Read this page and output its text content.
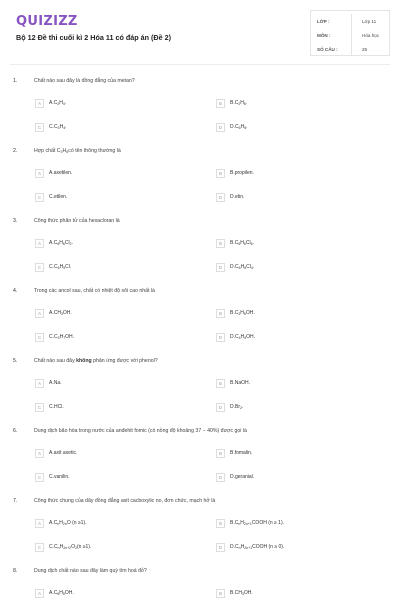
QUIZIZZ
Bộ 12 Đề thi cuối kì 2 Hóa 11 có đáp án (Đề 2)
LỚP :	Lớp 11
MÔN :	Hóa học
SỐ CÂU :	25
1.	Chất nào sau đây là đồng đẳng của metan?
A	$A.C_2H_4$.	B	$B.C_2H_6$.
C	$C.C_3H_4$.	D	$D.C_6H_6$.
2.	Hợp chất $C_3H_6có$ tên thông thường là
A	A.axetilen.	B	B.propilen.
C	C.etilen.	D	D.etin.
3.	Công thức phân tử của hexacloran là
A	$A.C_6H_6Cl_2$.	B	$B.C_6H_6Cl_6$.
C	$C.C_6H_5Cl$.	D	$D.C_6H_6Cl_4$.
4.	Trong các ancol sau, chất có nhiệt độ sôi cao nhất là
A	$A.CH_3OH$.	B	$B.C_2H_5OH$.
C	$C.C_3H_7OH$.	D	$D.C_4H_9OH$.
5.	Chất nào sau đây không phản ứng được với phenol?
A	A.Na.	B	B.NaOH.
C	C.HCl.	D	$D.Br_2$.
6.	Dung dịch bão hòa trong nước của anđehit fomic (có nồng độ khoảng 37 − 40%) được gọi là
A	A.axit axetic.	B	B.fomalin.
C	C.vanilin.	D	D.geranial.
7.	Công thức chung của dãy đồng đẳng axit cacboxylic no, đơn chức, mạch hở là
A	$A.C_nH_{2n}O$ (n ≥1).	B	$B.C_nH_{2n+1}COOH$ (n ≥ 1).
C	$C.C_nH_{2n+2}O_2(n \ge 1)$.	D	$D.C_nH_{2n+1}COOH$ (n ≥ 0).
8.	Dung dịch chất nào sau đây làm quỳ tím hoá đỏ?
A	$A.C_6H_5OH$.	B	$B.CH_3OH$.
